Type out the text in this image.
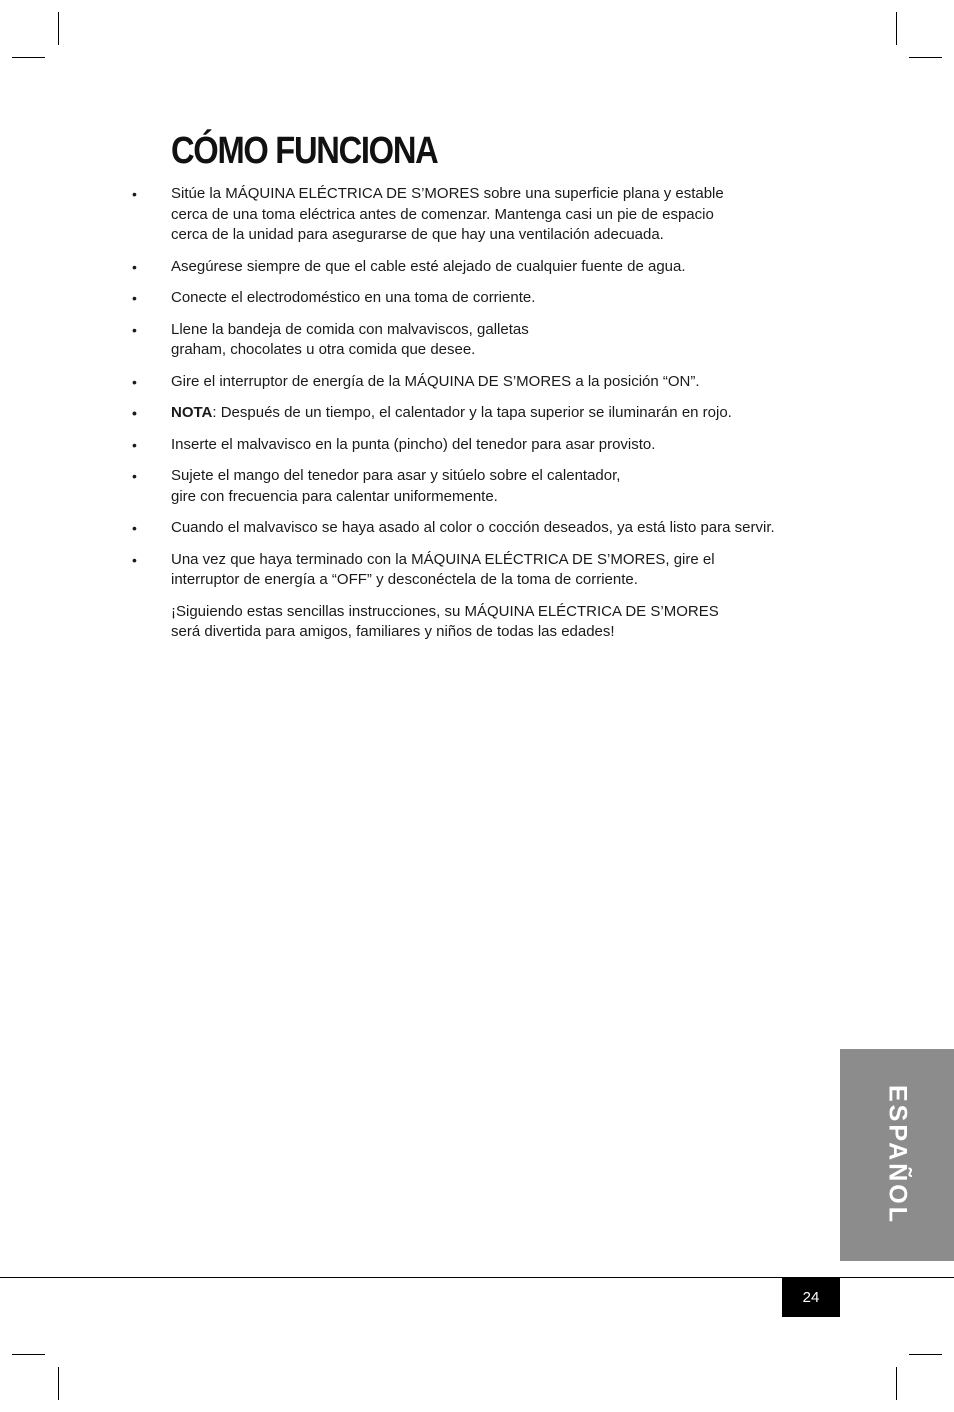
CÓMO FUNCIONA
• Sitúe la MÁQUINA ELÉCTRICA DE S’MORES sobre una superficie plana y estable
cerca de una toma eléctrica antes de comenzar. Mantenga casi un pie de espacio
cerca de la unidad para asegurarse de que hay una ventilación adecuada.
• Asegúrese siempre de que el cable esté alejado de cualquier fuente de agua.
• Conecte el electrodoméstico en una toma de corriente.
• Llene la bandeja de comida con malvaviscos, galletas
graham, chocolates u otra comida que desee.
• Gire el interruptor de energía de la MÁQUINA DE S’MORES a la posición “ON”.
• NOTA: Después de un tiempo, el calentador y la tapa superior se iluminarán en rojo.
• Inserte el malvavisco en la punta (pincho) del tenedor para asar provisto.
• Sujete el mango del tenedor para asar y sitúelo sobre el calentador,
gire con frecuencia para calentar uniformemente.
• Cuando el malvavisco se haya asado al color o cocción deseados, ya está listo para servir.
• Una vez que haya terminado con la MÁQUINA ELÉCTRICA DE S’MORES, gire el
interruptor de energía a “OFF” y desconéctela de la toma de corriente.
¡Siguiendo estas sencillas instrucciones, su MÁQUINA ELÉCTRICA DE S’MORES
será divertida para amigos, familiares y niños de todas las edades!
ESPAÑOL
24
